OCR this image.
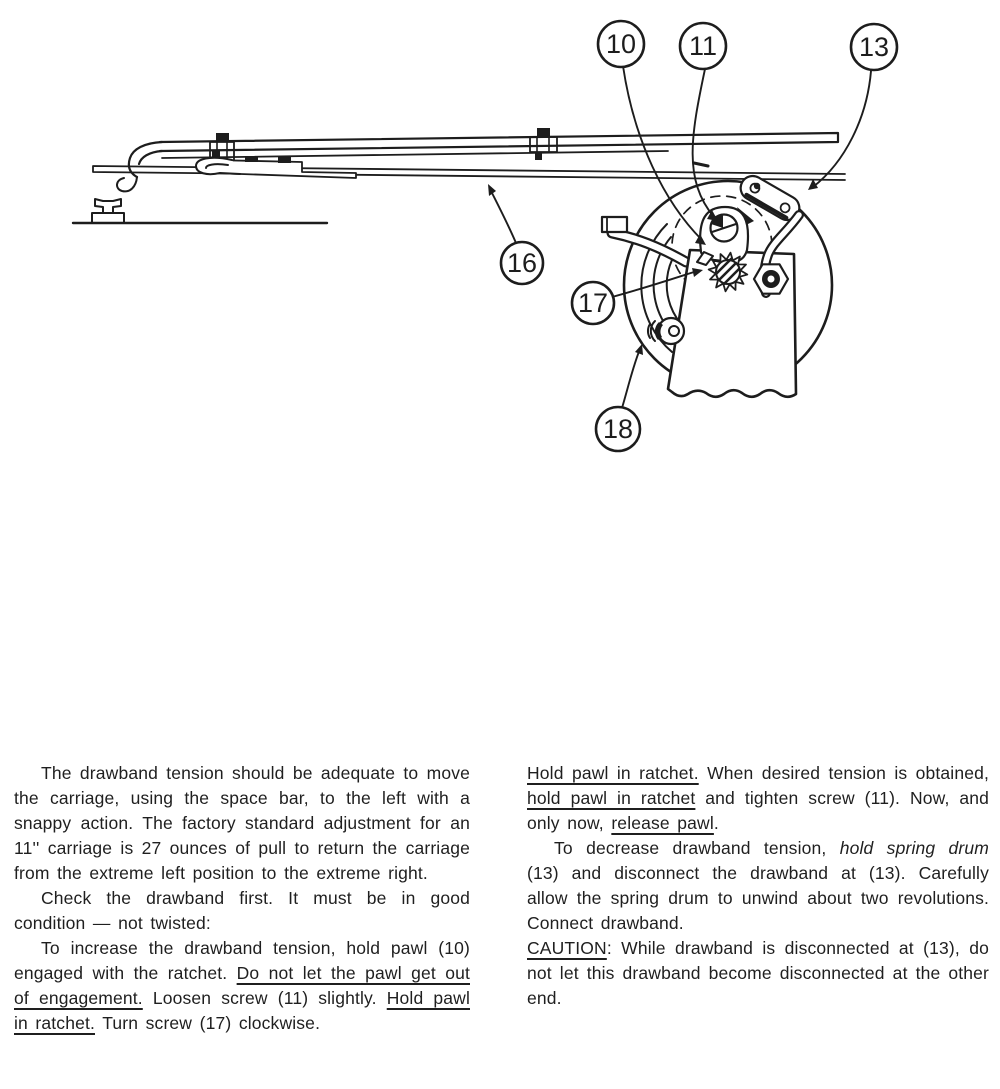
10 11	13
16
17
18

The drawband tension should be adequate to move the carriage, using the space bar, to the left with a snappy action. The factory standard adjustment for an 11'' carriage is 27 ounces of pull to return the carriage from the extreme left position to the extreme right.

Check the drawband first. It must be in good condition — not twisted:

To increase the drawband tension, hold pawl (10) engaged with the ratchet. Do not let the pawl get out of engagement. Loosen screw (11) slightly. Hold pawl in ratchet. Turn screw (17) clockwise.

Hold pawl in ratchet. When desired tension is obtained, hold pawl in ratchet and tighten screw (11). Now, and only now, release pawl.

To decrease drawband tension, hold spring drum (13) and disconnect the drawband at (13). Carefully allow the spring drum to unwind about two revolutions. Connect drawband.

CAUTION: While drawband is disconnected at (13), do not let this drawband become disconnected at the other end.
